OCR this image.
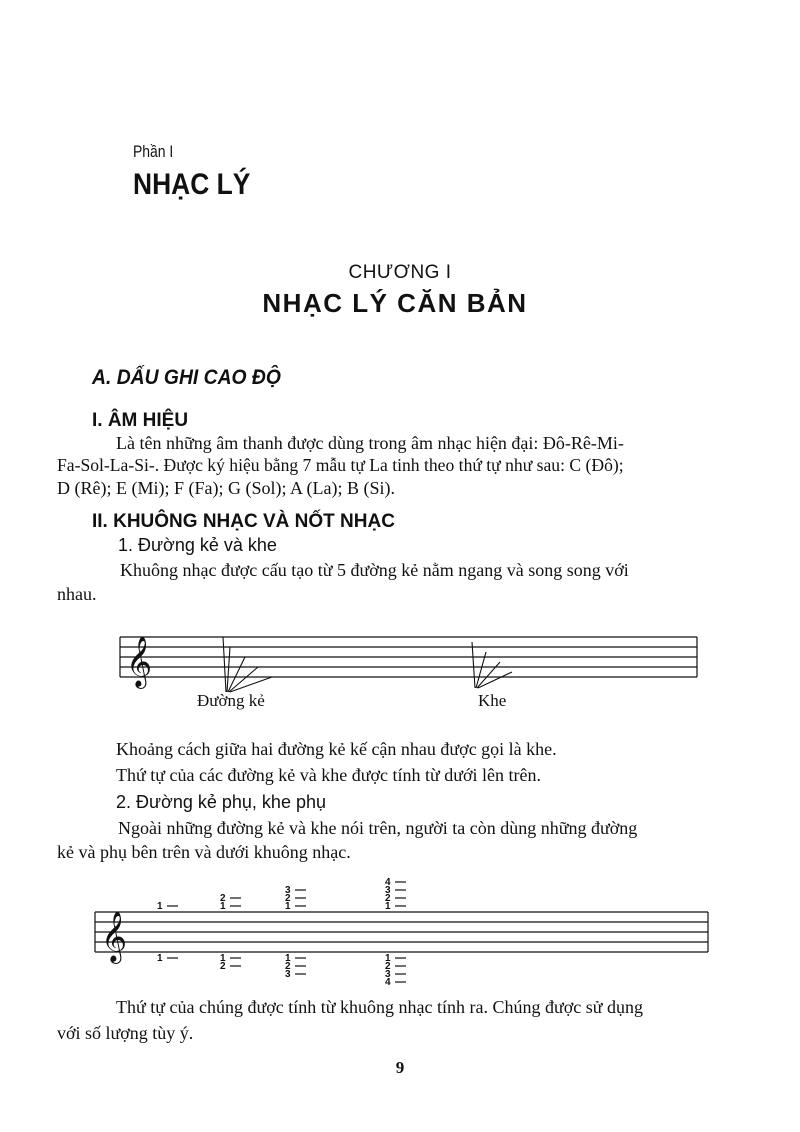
Phần I
NHẠC LÝ
CHƯƠNG I
NHẠC LÝ CĂN BẢN
A. DẤU GHI CAO ĐỘ
I. ÂM HIỆU
Là tên những âm thanh được dùng trong âm nhạc hiện đại: Đô-Rê-Mi-
Fa-Sol-La-Si-. Được ký hiệu bằng 7 mẫu tự La tinh theo thứ tự như sau: C (Đô);
D (Rê); E (Mi); F (Fa); G (Sol); A (La); B (Si).
II. KHUÔNG NHẠC VÀ NỐT NHẠC
1. Đường kẻ và khe
Khuông nhạc được cấu tạo từ 5 đường kẻ nằm ngang và song song với
nhau.
𝄞
𝄞
1
1
2
1
1
2
3
2
1
1
2
3
4
3
2
1
1
2
3
4
Đường kẻ	Khe
Khoảng cách giữa hai đường kẻ kế cận nhau được gọi là khe.
Thứ tự của các đường kẻ và khe được tính từ dưới lên trên.
2. Đường kẻ phụ, khe phụ
Ngoài những đường kẻ và khe nói trên, người ta còn dùng những đường
kẻ và phụ bên trên và dưới khuông nhạc.
Thứ tự của chúng được tính từ khuông nhạc tính ra. Chúng được sử dụng
với số lượng tùy ý.
9
